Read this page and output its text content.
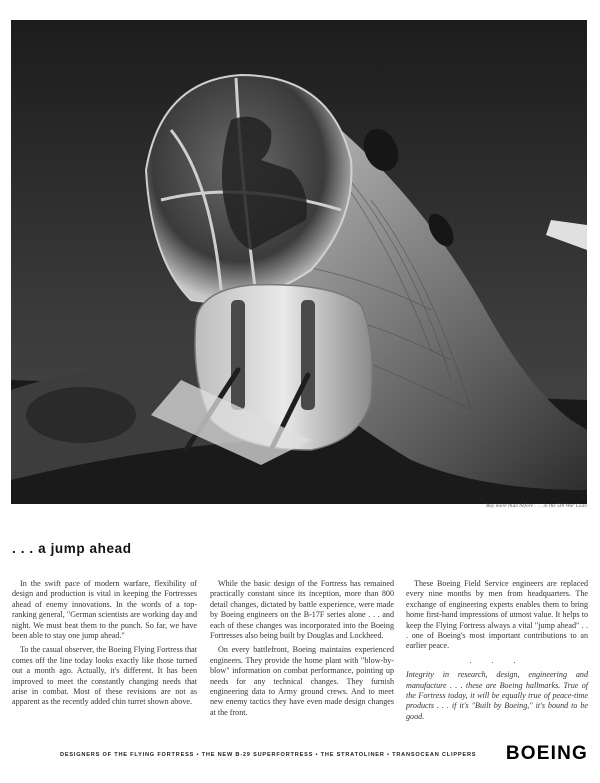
Buy more than before . . . in the 5th War Loan
. . . a jump ahead

In the swift pace of modern warfare, flexibility of design and production is vital in keeping the Fortresses ahead of enemy innovations. In the words of a top-ranking general, "German scientists are working day and night. We must beat them to the punch. So far, we have been able to stay one jump ahead."

To the casual observer, the Boeing Flying Fortress that comes off the line today looks exactly like those turned out a month ago. Actually, it's different. It has been improved to meet the constantly changing needs that arise in combat. Most of these revisions are not as apparent as the recently added chin turret shown above.

While the basic design of the Fortress has remained practically constant since its inception, more than 800 detail changes, dictated by battle experience, were made by Boeing engineers on the B-17F series alone . . . and each of these changes was incorporated into the Boeing Fortresses also being built by Douglas and Lockheed.

On every battlefront, Boeing maintains experienced engineers. They provide the home plant with "blow-by-blow" information on combat performance, pointing up needs for any technical changes. They furnish engineering data to Army ground crews. And to meet new enemy tactics they have even made design changes at the front.

These Boeing Field Service engineers are replaced every nine months by men from headquarters. The exchange of engineering experts enables them to bring home first-hand impressions of utmost value. It helps to keep the Flying Fortress always a vital "jump ahead" . . . one of Boeing's most important contributions to an earlier peace.

. . .

Integrity in research, design, engineering and manufacture . . . these are Boeing hallmarks. True of the Fortress today, it will be equally true of peace-time products . . . if it's "Built by Boeing," it's bound to be good.

DESIGNERS OF THE FLYING FORTRESS • THE NEW B-29 SUPERFORTRESS • THE STRATOLINER • TRANSOCEAN CLIPPERS BOEING
